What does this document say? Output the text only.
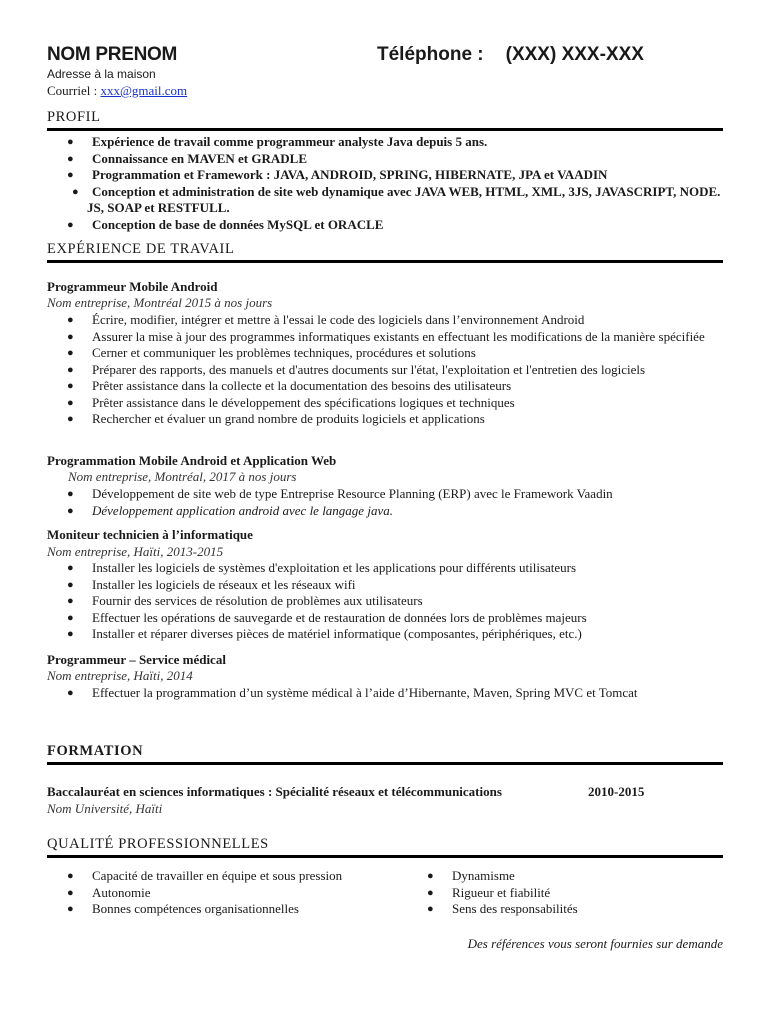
NOM PRENOM	Téléphone : (XXX) XXX-XXX
Adresse à la maison
Courriel : xxx@gmail.com
PROFIL
● Expérience de travail comme programmeur analyste Java depuis 5 ans.
● Connaissance en MAVEN et GRADLE
● Programmation et Framework : JAVA, ANDROID, SPRING, HIBERNATE, JPA et VAADIN
● Conception et administration de site web dynamique avec JAVA WEB, HTML, XML, 3JS, JAVASCRIPT, NODE. JS, SOAP et RESTFULL.
● Conception de base de données MySQL et ORACLE
EXPÉRIENCE DE TRAVAIL
Programmeur Mobile Android
Nom entreprise, Montréal 2015 à nos jours
● Écrire, modifier, intégrer et mettre à l'essai le code des logiciels dans l’environnement Android
● Assurer la mise à jour des programmes informatiques existants en effectuant les modifications de la manière spécifiée
● Cerner et communiquer les problèmes techniques, procédures et solutions
● Préparer des rapports, des manuels et d'autres documents sur l'état, l'exploitation et l'entretien des logiciels
● Prêter assistance dans la collecte et la documentation des besoins des utilisateurs
● Prêter assistance dans le développement des spécifications logiques et techniques
● Rechercher et évaluer un grand nombre de produits logiciels et applications
Programmation Mobile Android et Application Web
Nom entreprise, Montréal, 2017 à nos jours
● Développement de site web de type Entreprise Resource Planning (ERP) avec le Framework Vaadin
● Développement application android avec le langage java.
Moniteur technicien à l’informatique
Nom entreprise, Haïti, 2013-2015
● Installer les logiciels de systèmes d'exploitation et les applications pour différents utilisateurs
● Installer les logiciels de réseaux et les réseaux wifi
● Fournir des services de résolution de problèmes aux utilisateurs
● Effectuer les opérations de sauvegarde et de restauration de données lors de problèmes majeurs
● Installer et réparer diverses pièces de matériel informatique (composantes, périphériques, etc.)
Programmeur – Service médical
Nom entreprise, Haïti, 2014
● Effectuer la programmation d’un système médical à l’aide d’Hibernante, Maven, Spring MVC et Tomcat
FORMATION
Baccalauréat en sciences informatiques : Spécialité réseaux et télécommunications	2010-2015
Nom Université, Haïti
QUALITÉ PROFESSIONNELLES
● Capacité de travailler en équipe et sous pression
● Autonomie
● Bonnes compétences organisationnelles
● Dynamisme
● Rigueur et fiabilité
● Sens des responsabilités
Des références vous seront fournies sur demande
